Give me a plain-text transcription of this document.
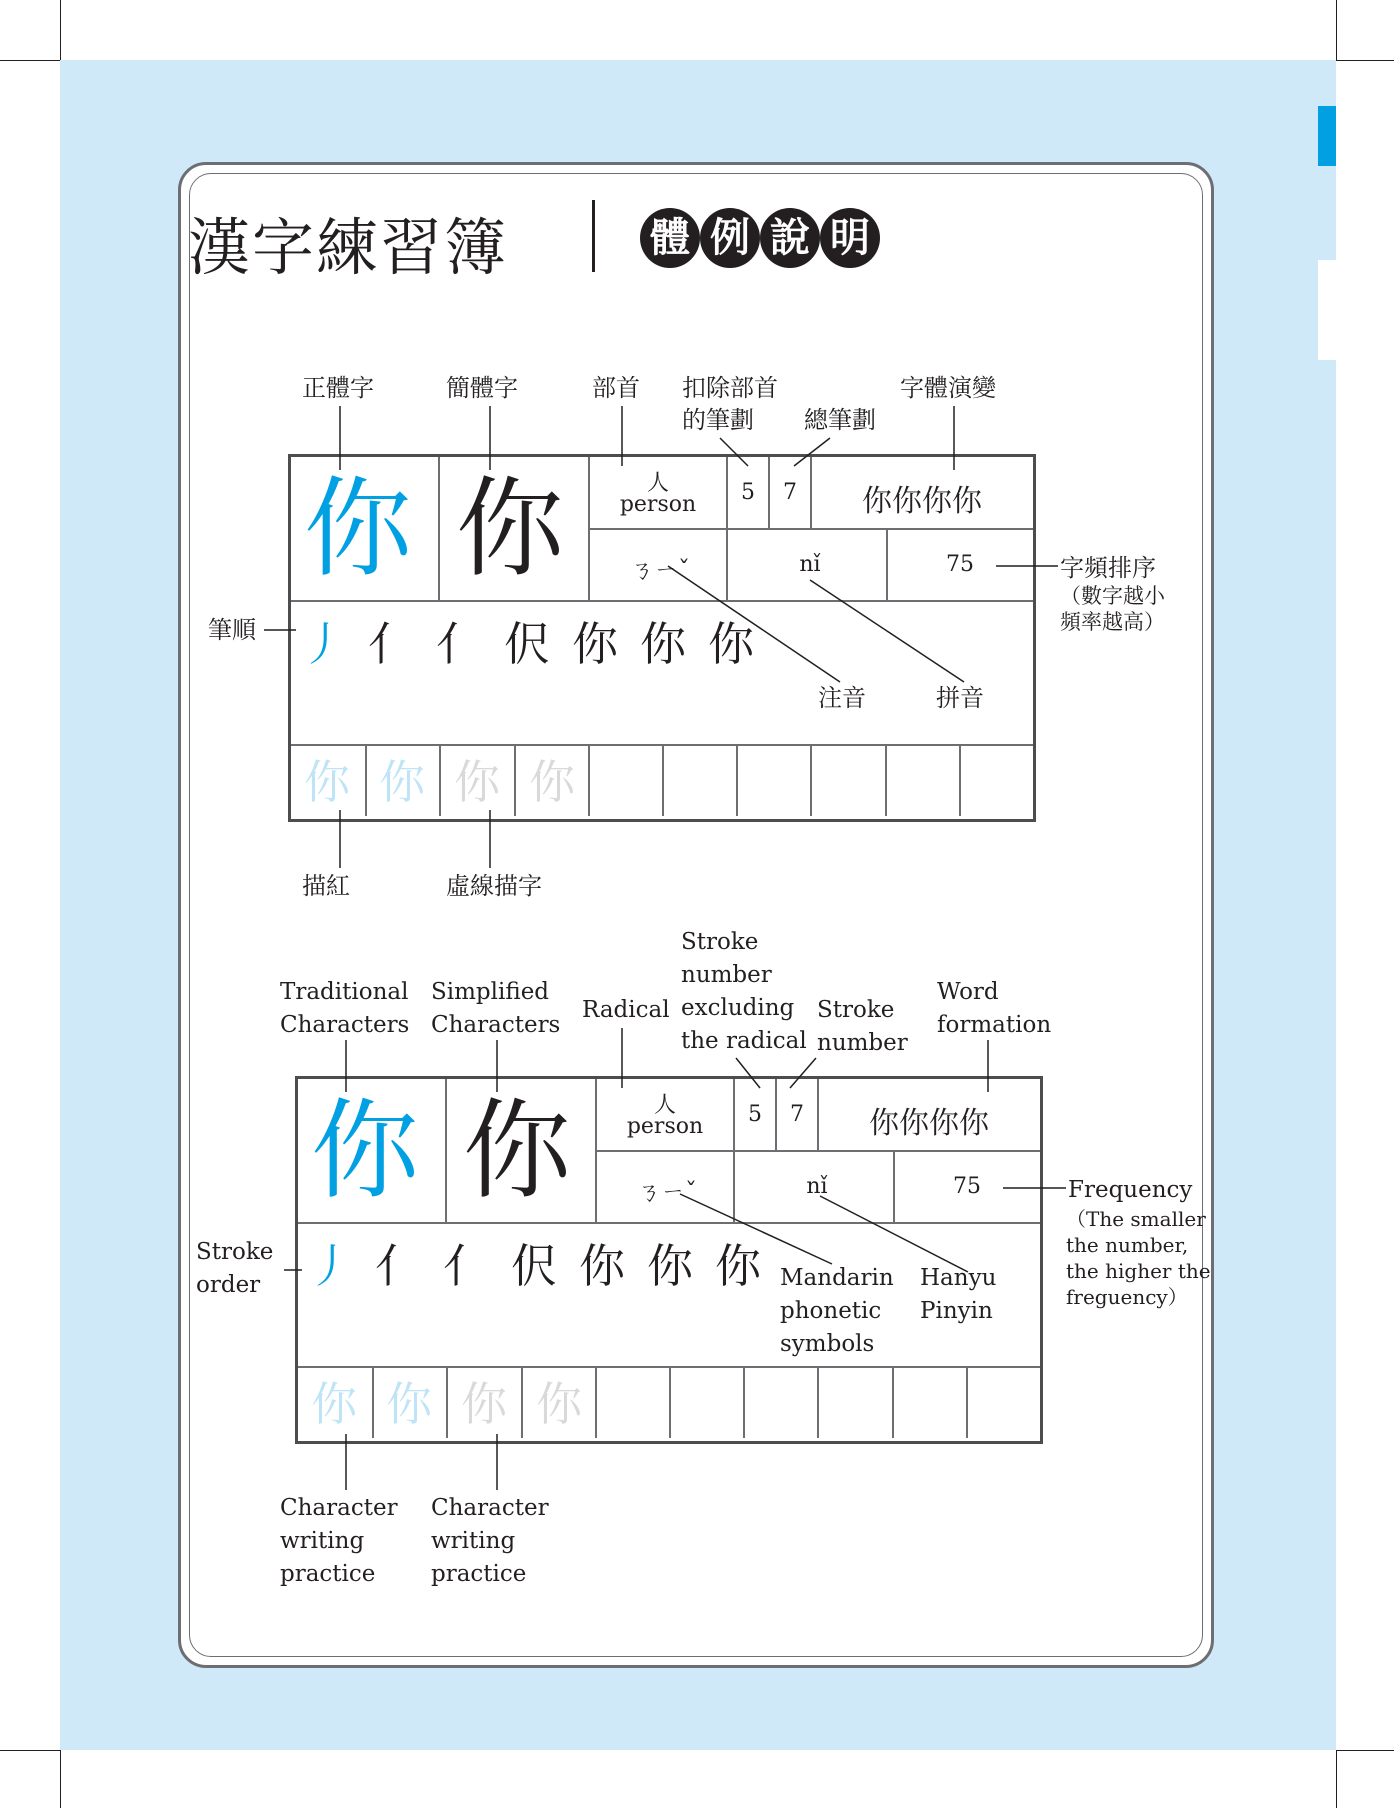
漢字練習簿	體 例 說 明
你 你	人
person	5	7	你你你你
ㄋㄧˇ	nǐ	75
丿亻亻伬你你你
你 你 你 你
正體字	簡體字	部首 扣除部首
的筆劃 總筆劃
字體演變
字頻排序
（數字越小
頻率越高）
筆順
注音	拼音
描紅	虛線描字
你 你	人
person	5	7	你你你你
ㄋㄧˇ	nǐ	75
丿亻亻伬你你你
你 你 你 你
Traditional
Characters
Simplified
Characters
Radical
Stroke
number
excluding
the radical
Stroke
number
Word
formation
Frequency
（The smaller
the number,
the higher the
freguency）
Stroke
order	Mandarin
phonetic
symbols
Hanyu
Pinyin
Character
writing
practice
Character
writing
practice
